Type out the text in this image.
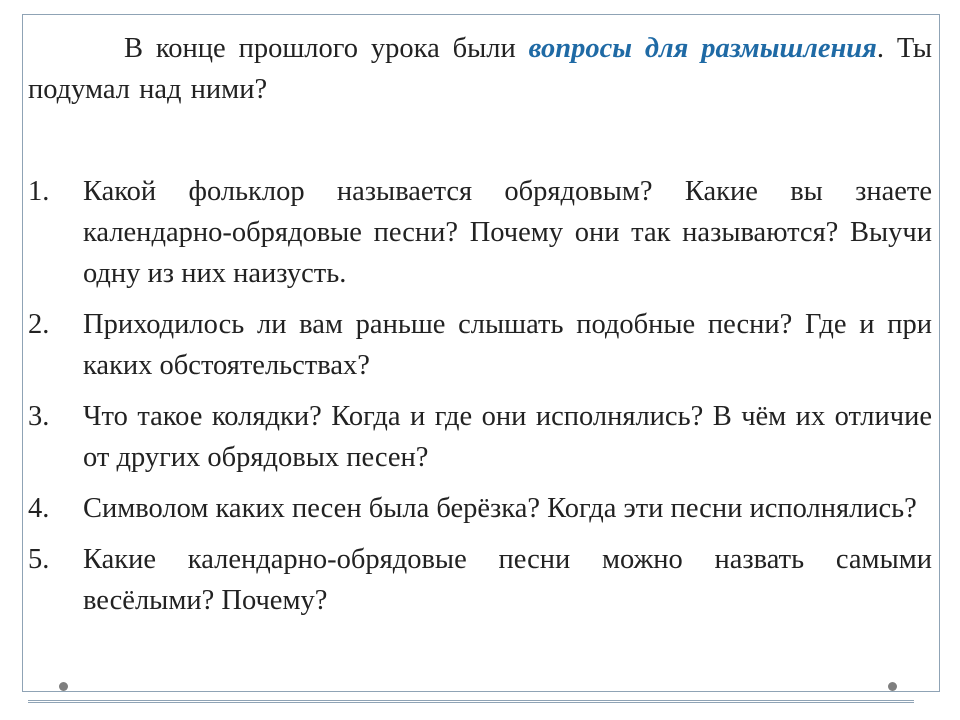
В конце прошлого урока были вопросы для размышления. Ты подумал над ними?

1. Какой фольклор называется обрядовым? Какие вы знаете календарно-обрядовые песни? Почему они так называются? Выучи одну из них наизусть.
2. Приходилось ли вам раньше слышать подобные песни? Где и при каких обстоятельствах?
3. Что такое колядки? Когда и где они исполнялись? В чём их отличие от других обрядовых песен?
4. Символом каких песен была берёзка? Когда эти песни исполнялись?
5. Какие календарно-обрядовые песни можно назвать самыми весёлыми? Почему?
